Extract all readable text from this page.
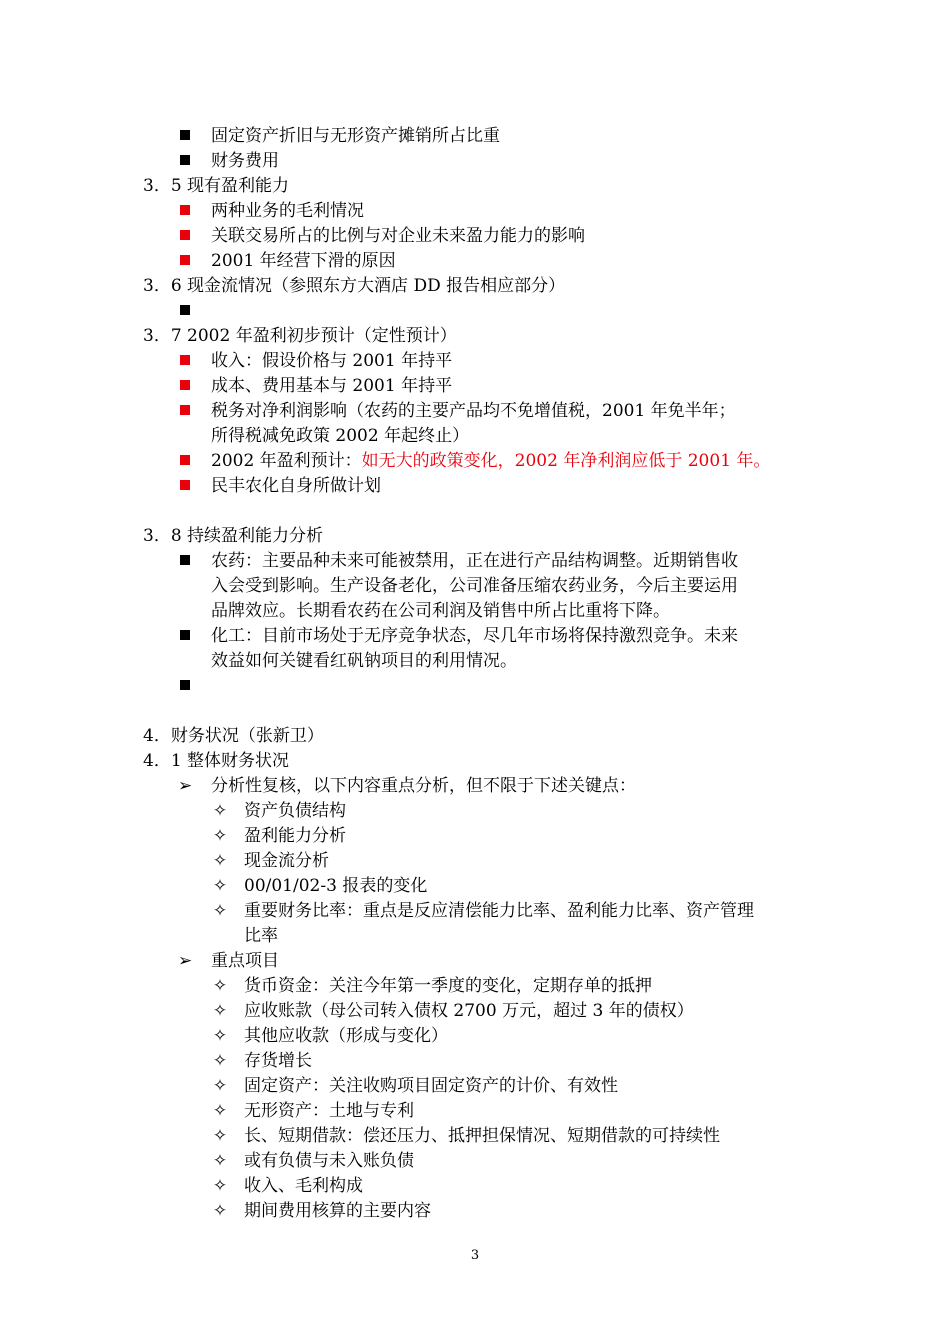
固定资产折旧与无形资产摊销所占比重
财务费用
3．5 现有盈利能力
两种业务的毛利情况
关联交易所占的比例与对企业未来盈力能力的影响
2001 年经营下滑的原因
3．6 现金流情况（参照东方大酒店 DD 报告相应部分）
3．7 2002 年盈利初步预计（定性预计）
收入：假设价格与 2001 年持平
成本、费用基本与 2001 年持平
税务对净利润影响（农药的主要产品均不免增值税，2001 年免半年；
所得税减免政策 2002 年起终止）
2002 年盈利预计：如无大的政策变化，2002 年净利润应低于 2001 年。
民丰农化自身所做计划
3．8 持续盈利能力分析
农药：主要品种未来可能被禁用，正在进行产品结构调整。近期销售收
入会受到影响。生产设备老化，公司准备压缩农药业务，今后主要运用
品牌效应。长期看农药在公司利润及销售中所占比重将下降。
化工：目前市场处于无序竞争状态，尽几年市场将保持激烈竞争。未来
效益如何关键看红矾钠项目的利用情况。
4．财务状况（张新卫）
4．1 整体财务状况
➢ 分析性复核，以下内容重点分析，但不限于下述关键点：
✧ 资产负债结构
✧ 盈利能力分析
✧ 现金流分析
✧ 00/01/02-3 报表的变化
✧ 重要财务比率：重点是反应清偿能力比率、盈利能力比率、资产管理
比率
➢ 重点项目
✧ 货币资金：关注今年第一季度的变化，定期存单的抵押
✧ 应收账款（母公司转入债权 2700 万元，超过 3 年的债权）
✧ 其他应收款（形成与变化）
✧ 存货增长
✧ 固定资产：关注收购项目固定资产的计价、有效性
✧ 无形资产：土地与专利
✧ 长、短期借款：偿还压力、抵押担保情况、短期借款的可持续性
✧ 或有负债与未入账负债
✧ 收入、毛利构成
✧ 期间费用核算的主要内容
3
